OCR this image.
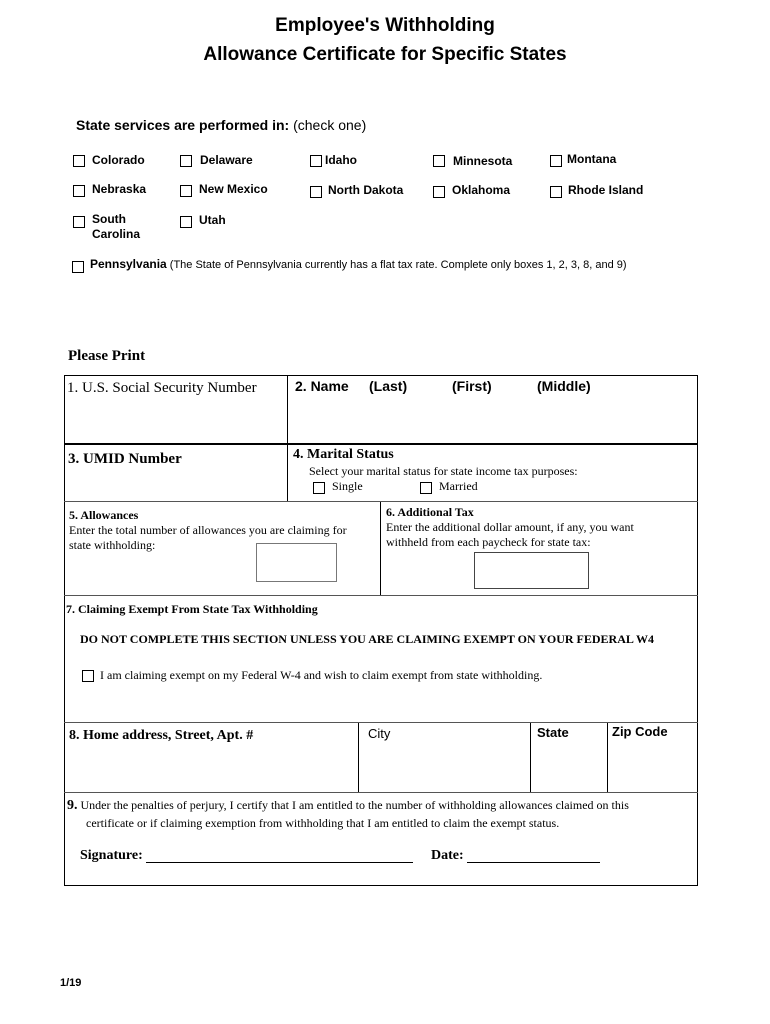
Employee's Withholding
Allowance Certificate for Specific States
State services are performed in: (check one)
Colorado	Delaware	Idaho	Minnesota	Montana
Nebraska	New Mexico	North Dakota	Oklahoma	Rhode Island
South
Carolina
Utah
Pennsylvania (The State of Pennsylvania currently has a flat tax rate. Complete only boxes 1, 2, 3, 8, and 9)
Please Print
1. U.S. Social Security Number	2. Name (Last)	(First)	(Middle)
3. UMID Number	4. Marital Status
Select your marital status for state income tax purposes:
Single	Married
5. Allowances
Enter the total number of allowances you are claiming for
state withholding:
6. Additional Tax
Enter the additional dollar amount, if any, you want
withheld from each paycheck for state tax:
7. Claiming Exempt From State Tax Withholding
DO NOT COMPLETE THIS SECTION UNLESS YOU ARE CLAIMING EXEMPT ON YOUR FEDERAL W4
I am claiming exempt on my Federal W-4 and wish to claim exempt from state withholding.
8. Home address, Street, Apt. #	City	State	Zip Code
9. Under the penalties of perjury, I certify that I am entitled to the number of withholding allowances claimed on this
certificate or if claiming exemption from withholding that I am entitled to claim the exempt status.
Signature:	Date:
1/19
